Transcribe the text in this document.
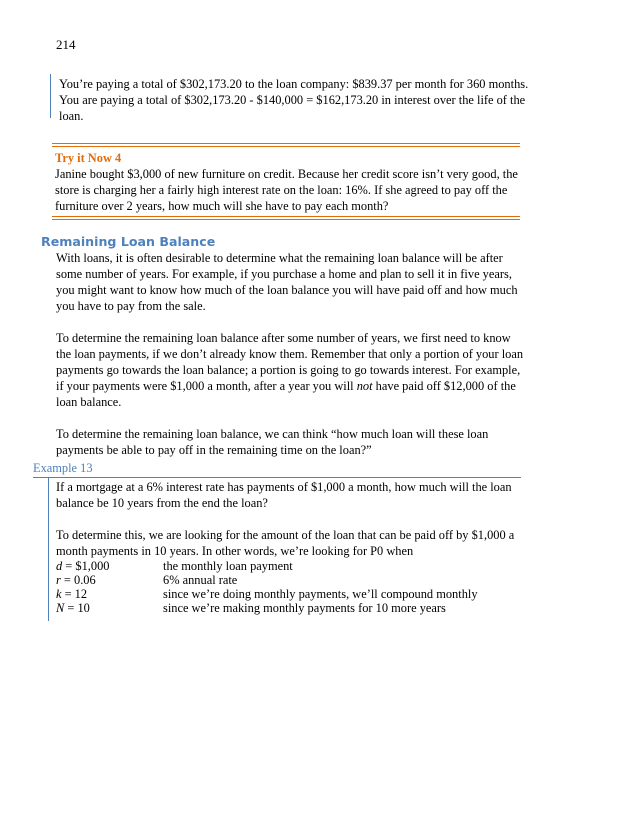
214

You’re paying a total of $302,173.20 to the loan company: $839.37 per month for 360 months. You are paying a total of $302,173.20 - $140,000 = $162,173.20 in interest over the life of the loan.

Try it Now 4

Janine bought $3,000 of new furniture on credit. Because her credit score isn’t very good, the store is charging her a fairly high interest rate on the loan: 16%. If she agreed to pay off the furniture over 2 years, how much will she have to pay each month?

Remaining Loan Balance

With loans, it is often desirable to determine what the remaining loan balance will be after some number of years. For example, if you purchase a home and plan to sell it in five years, you might want to know how much of the loan balance you will have paid off and how much you have to pay from the sale.

To determine the remaining loan balance after some number of years, we first need to know the loan payments, if we don’t already know them. Remember that only a portion of your loan payments go towards the loan balance; a portion is going to go towards interest. For example, if your payments were $1,000 a month, after a year you will not have paid off $12,000 of the loan balance.

To determine the remaining loan balance, we can think “how much loan will these loan payments be able to pay off in the remaining time on the loan?”

Example 13

If a mortgage at a 6% interest rate has payments of $1,000 a month, how much will the loan balance be 10 years from the end the loan?

To determine this, we are looking for the amount of the loan that can be paid off by $1,000 a month payments in 10 years. In other words, we’re looking for P0 when

d = $1,000	the monthly loan payment
r = 0.06	6% annual rate
k = 12	since we’re doing monthly payments, we’ll compound monthly
N = 10	since we’re making monthly payments for 10 more years
